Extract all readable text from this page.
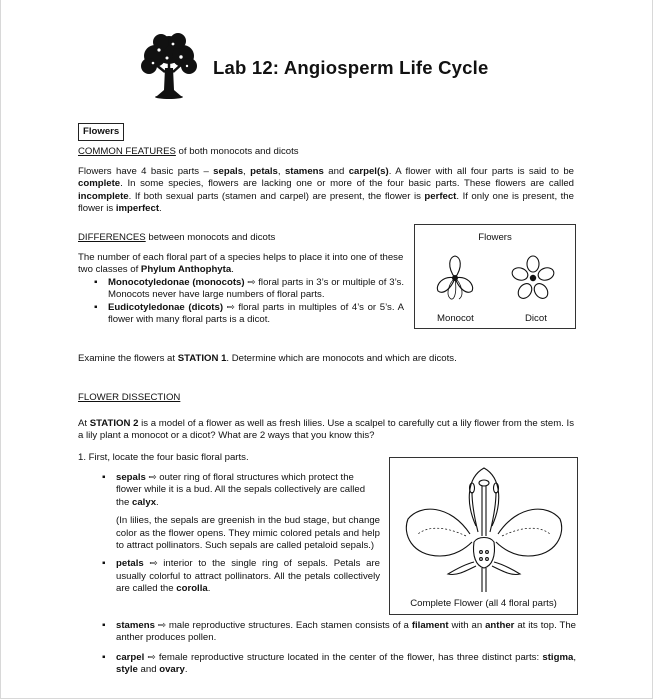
Lab 12: Angiosperm Life Cycle
Flowers

COMMON FEATURES of both monocots and dicots

Flowers have 4 basic parts – sepals, petals, stamens and carpel(s). A flower with all four parts is said to be complete. In some species, flowers are lacking one or more of the four basic parts. These flowers are called incomplete. If both sexual parts (stamen and carpel) are present, the flower is perfect. If only one is present, the flower is imperfect.

DIFFERENCES between monocots and dicots

The number of each floral part of a species helps to place it into one of these two classes of Phylum Anthophyta.

▪ Monocotyledonae (monocots) ⇨ floral parts in 3’s or multiple of 3’s. Monocots never have large numbers of floral parts.
▪ Eudicotyledonae (dicots) ⇨ floral parts in multiples of 4’s or 5’s. A flower with many floral parts is a dicot.
Flowers
Monocot	Dicot

Examine the flowers at STATION 1. Determine which are monocots and which are dicots.

FLOWER DISSECTION

At STATION 2 is a model of a flower as well as fresh lilies. Use a scalpel to carefully cut a lily flower from the stem. Is a lily plant a monocot or a dicot? What are 2 ways that you know this?

1. First, locate the four basic floral parts.

▪ sepals ⇨ outer ring of floral structures which protect the flower while it is a bud. All the sepals collectively are called the calyx.

(In lilies, the sepals are greenish in the bud stage, but change color as the flower opens. They mimic colored petals and help to attract pollinators. Such sepals are called petaloid sepals.)

▪ petals ⇨ interior to the single ring of sepals. Petals are usually colorful to attract pollinators. All the petals collectively are called the corolla.
▪ stamens ⇨ male reproductive structures. Each stamen consists of a filament with an anther at its top. The anther produces pollen.
▪ carpel ⇨ female reproductive structure located in the center of the flower, has three distinct parts: stigma, style and ovary.
Complete Flower (all 4 floral parts)
